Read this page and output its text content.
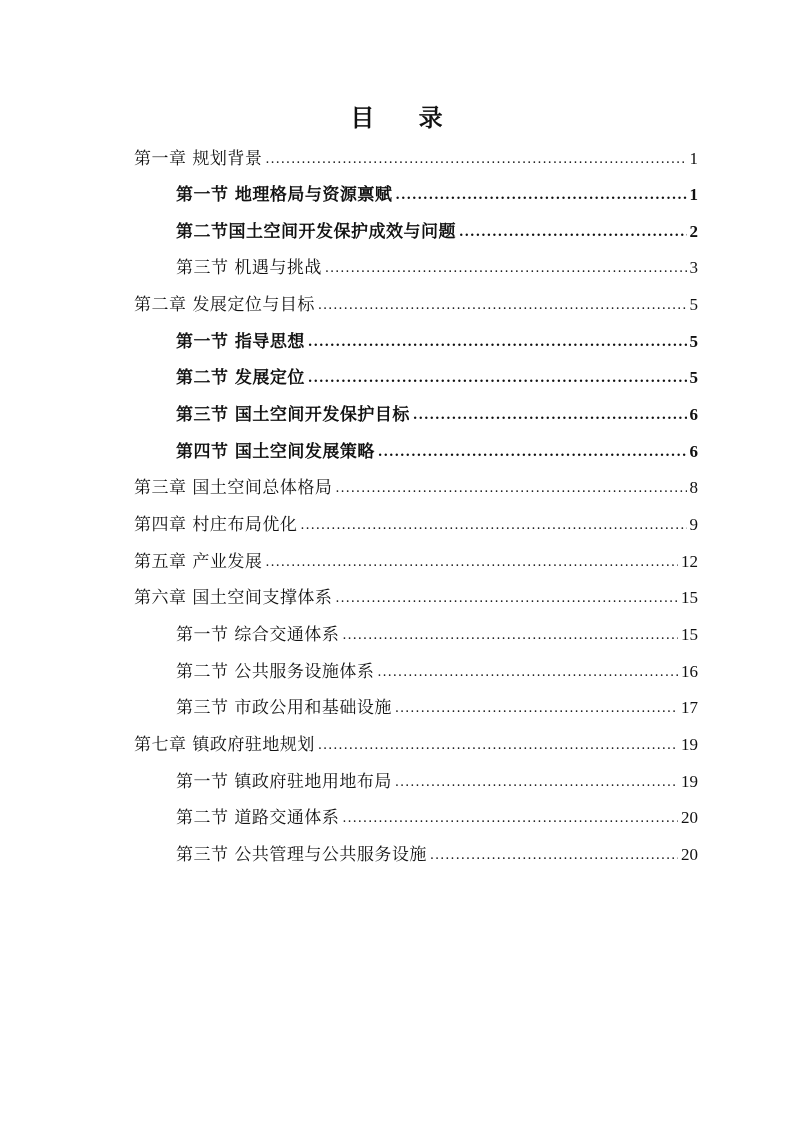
目 录
第一章 规划背景 .....	1
第一节 地理格局与资源禀赋 .....	1
第二节国土空间开发保护成效与问题 .....	2
第三节 机遇与挑战 .....	3
第二章 发展定位与目标 .....	5
第一节 指导思想 .....	5
第二节 发展定位 .....	5
第三节 国土空间开发保护目标 .....	6
第四节 国土空间发展策略 .....	6
第三章 国土空间总体格局 .....	8
第四章 村庄布局优化 .....	9
第五章 产业发展 .....	12
第六章 国土空间支撑体系 .....	15
第一节 综合交通体系 .....	15
第二节 公共服务设施体系 .....	16
第三节 市政公用和基础设施 .....	17
第七章 镇政府驻地规划 .....	19
第一节 镇政府驻地用地布局 .....	19
第二节 道路交通体系 .....	20
第三节 公共管理与公共服务设施 .....	20
